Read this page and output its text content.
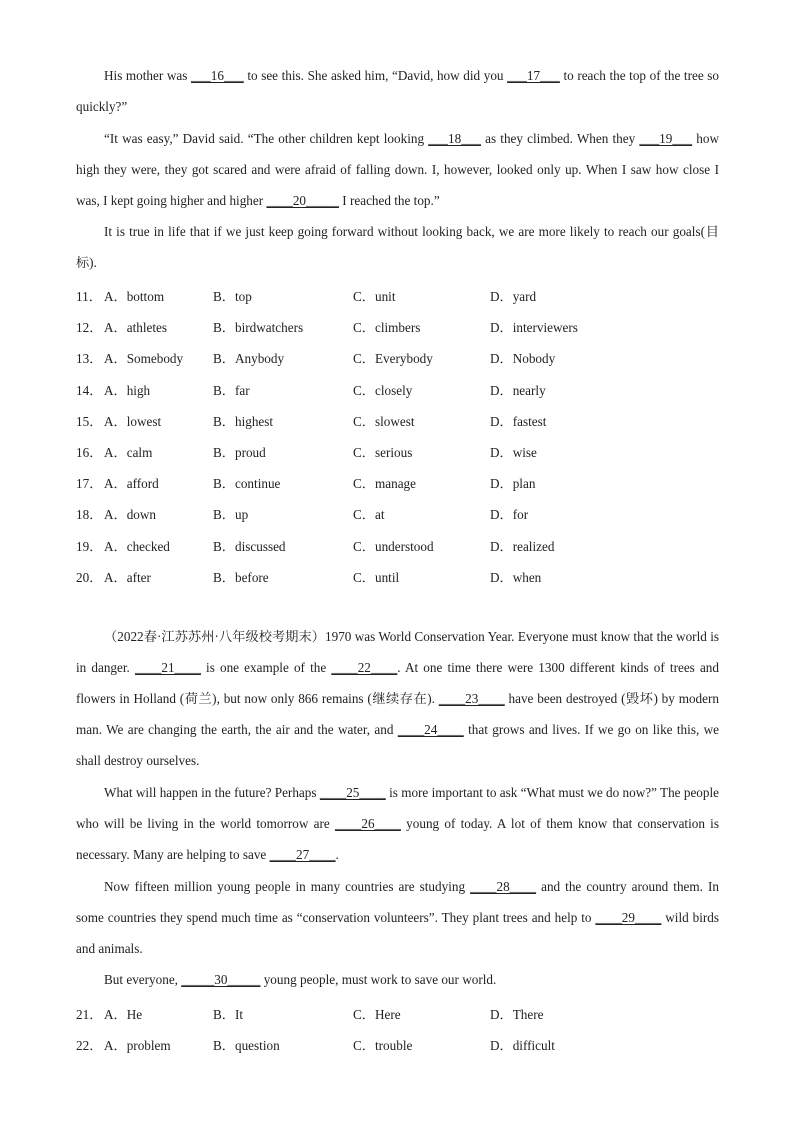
His mother was ___16___ to see this. She asked him, “David, how did you ___17___ to reach the top of the tree so quickly?”

“It was easy,” David said. “The other children kept looking ___18___ as they climbed. When they ___19___ how high they were, they got scared and were afraid of falling down. I, however, looked only up. When I saw how close I was, I kept going higher and higher ____20_____ I reached the top.”

It is true in life that if we just keep going forward without looking back, we are more likely to reach our goals(目标).

11． A．bottom	B．top	C．unit	D．yard
12． A．athletes	B．birdwatchers	C．climbers	D．interviewers
13． A．Somebody B．Anybody	C．Everybody	D．Nobody
14． A．high	B．far	C．closely	D．nearly
15． A．lowest	B．highest	C．slowest	D．fastest
16． A．calm	B．proud	C．serious	D．wise
17． A．afford	B．continue	C．manage	D．plan
18． A．down	B．up	C．at	D．for
19． A．checked	B．discussed	C．understood	D．realized
20． A．after	B．before	C．until	D．when

（2022春·江苏苏州·八年级校考期末）1970 was World Conservation Year. Everyone must know that the world is in danger. ____21____ is one example of the ____22____. At one time there were 1300 different kinds of trees and flowers in Holland (荷兰), but now only 866 remains (继续存在). ____23____ have been destroyed (毁坏) by modern man. We are changing the earth, the air and the water, and ____24____ that grows and lives. If we go on like this, we shall destroy ourselves.

What will happen in the future? Perhaps ____25____ is more important to ask “What must we do now?” The people who will be living in the world tomorrow are ____26____ young of today. A lot of them know that conservation is necessary. Many are helping to save ____27____.

Now fifteen million young people in many countries are studying ____28____ and the country around them. In some countries they spend much time as “conservation volunteers”. They plant trees and help to ____29____ wild birds and animals.

But everyone, _____30_____ young people, must work to save our world.

21． A．He	B．It	C．Here	D．There
22． A．problem	B．question	C．trouble	D．difficult
